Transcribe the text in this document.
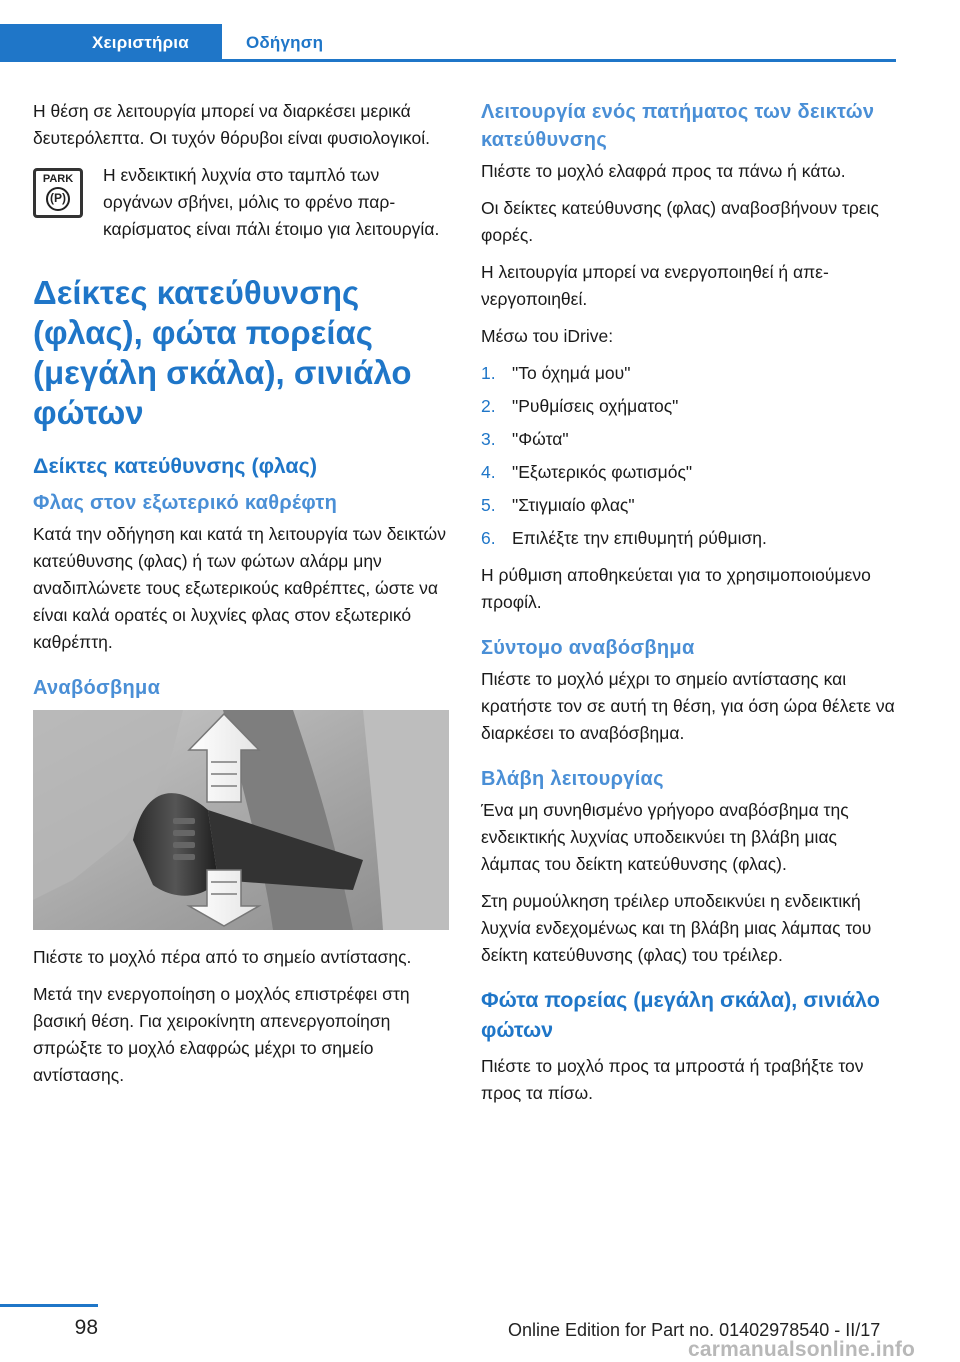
Χειριστήρια	Οδήγηση

Η θέση σε λειτουργία μπορεί να διαρκέσει μερικά δευτερόλεπτα. Οι τυχόν θόρυβοι είναι φυσιολογικοί.

PARK
(P)

Η ενδεικτική λυχνία στο ταμπλό των οργάνων σβήνει, μόλις το φρένο παρκαρίσματος είναι πάλι έτοιμο για λειτουργία.

Δείκτες κατεύθυνσης (φλας), φώτα πορείας (μεγάλη σκάλα), σινιάλο φώτων
Δείκτες κατεύθυνσης (φλας)
Φλας στον εξωτερικό καθρέφτη

Κατά την οδήγηση και κατά τη λειτουργία των δεικτών κατεύθυνσης (φλας) ή των φώτων αλάρμ μην αναδιπλώνετε τους εξωτερικούς καθρέπτες, ώστε να είναι καλά ορατές οι λυχνίες φλας στον εξωτερικό καθρέπτη.

Αναβόσβημα

Πιέστε το μοχλό πέρα από το σημείο αντίστασης.

Μετά την ενεργοποίηση ο μοχλός επιστρέφει στη βασική θέση. Για χειροκίνητη απενεργοποίηση σπρώξτε το μοχλό ελαφρώς μέχρι το σημείο αντίστασης.

Λειτουργία ενός πατήματος των δεικτών κατεύθυνσης

Πιέστε το μοχλό ελαφρά προς τα πάνω ή κάτω.

Οι δείκτες κατεύθυνσης (φλας) αναβοσβήνουν τρεις φορές.

Η λειτουργία μπορεί να ενεργοποιηθεί ή απενεργοποιηθεί.

Μέσω του iDrive:

1. "Το όχημά μου"
2. "Ρυθμίσεις οχήματος"
3. "Φώτα"
4. "Εξωτερικός φωτισμός"
5. "Στιγμιαίο φλας"
6. Επιλέξτε την επιθυμητή ρύθμιση.

Η ρύθμιση αποθηκεύεται για το χρησιμοποιούμενο προφίλ.

Σύντομο αναβόσβημα

Πιέστε το μοχλό μέχρι το σημείο αντίστασης και κρατήστε τον σε αυτή τη θέση, για όση ώρα θέλετε να διαρκέσει το αναβόσβημα.

Βλάβη λειτουργίας

Ένα μη συνηθισμένο γρήγορο αναβόσβημα της ενδεικτικής λυχνίας υποδεικνύει τη βλάβη μιας λάμπας του δείκτη κατεύθυνσης (φλας).

Στη ρυμούλκηση τρέιλερ υποδεικνύει η ενδεικτική λυχνία ενδεχομένως και τη βλάβη μιας λάμπας του δείκτη κατεύθυνσης (φλας) του τρέιλερ.

Φώτα πορείας (μεγάλη σκάλα), σινιάλο φώτων

Πιέστε το μοχλό προς τα μπροστά ή τραβήξτε τον προς τα πίσω.

98	Online Edition for Part no. 01402978540 - II/17
carmanualsonline.info
